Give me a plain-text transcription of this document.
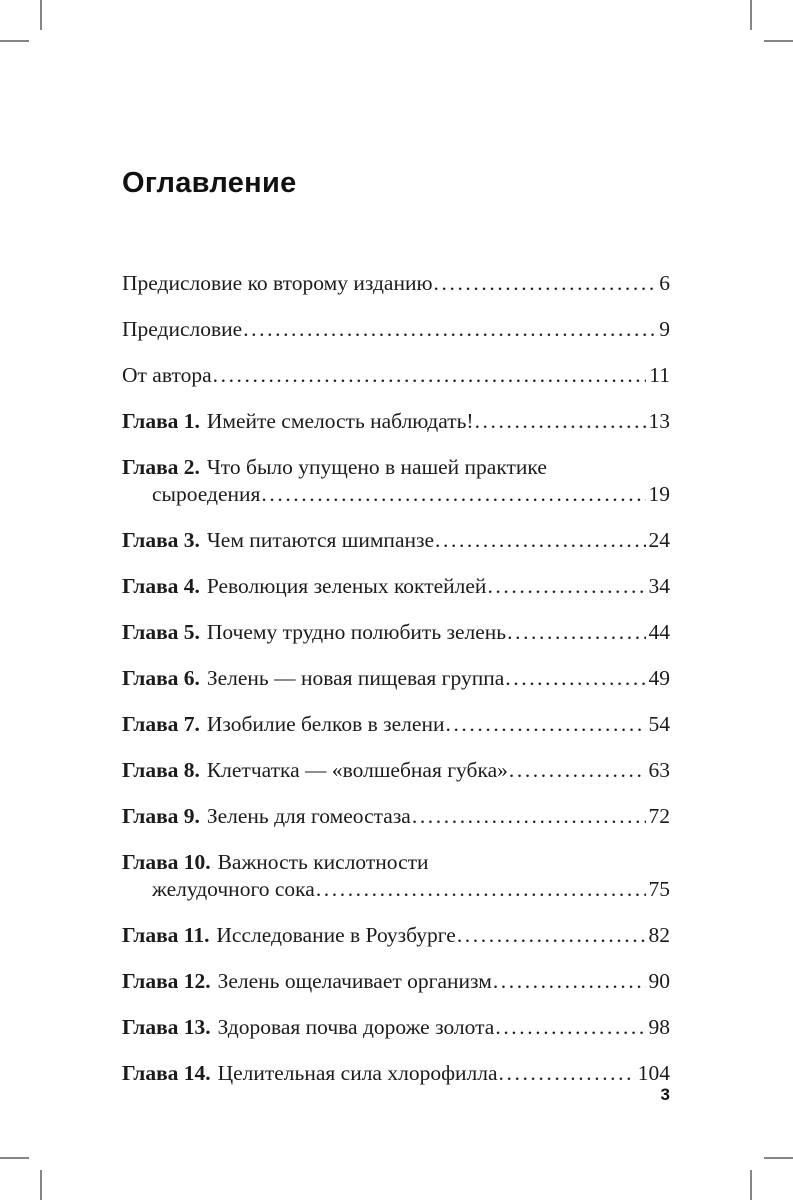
Оглавление
Предисловие ко второму изданию .....	6
Предисловие .....	9
От автора .....	11
Глава 1. Имейте смелость наблюдать! .....	13
Глава 2. Что было упущено в нашей практике
сыроедения .....	19
Глава 3. Чем питаются шимпанзе .....	24
Глава 4. Революция зеленых коктейлей .....	34
Глава 5. Почему трудно полюбить зелень .....	44
Глава 6. Зелень — новая пищевая группа .....	49
Глава 7. Изобилие белков в зелени .....	54
Глава 8. Клетчатка — «волшебная губка» .....	63
Глава 9. Зелень для гомеостаза .....	72
Глава 10. Важность кислотности
желудочного сока .....	75
Глава 11. Исследование в Роузбурге .....	82
Глава 12. Зелень ощелачивает организм .....	90
Глава 13. Здоровая почва дороже золота .....	98
Глава 14. Целительная сила хлорофилла .....	104
3
